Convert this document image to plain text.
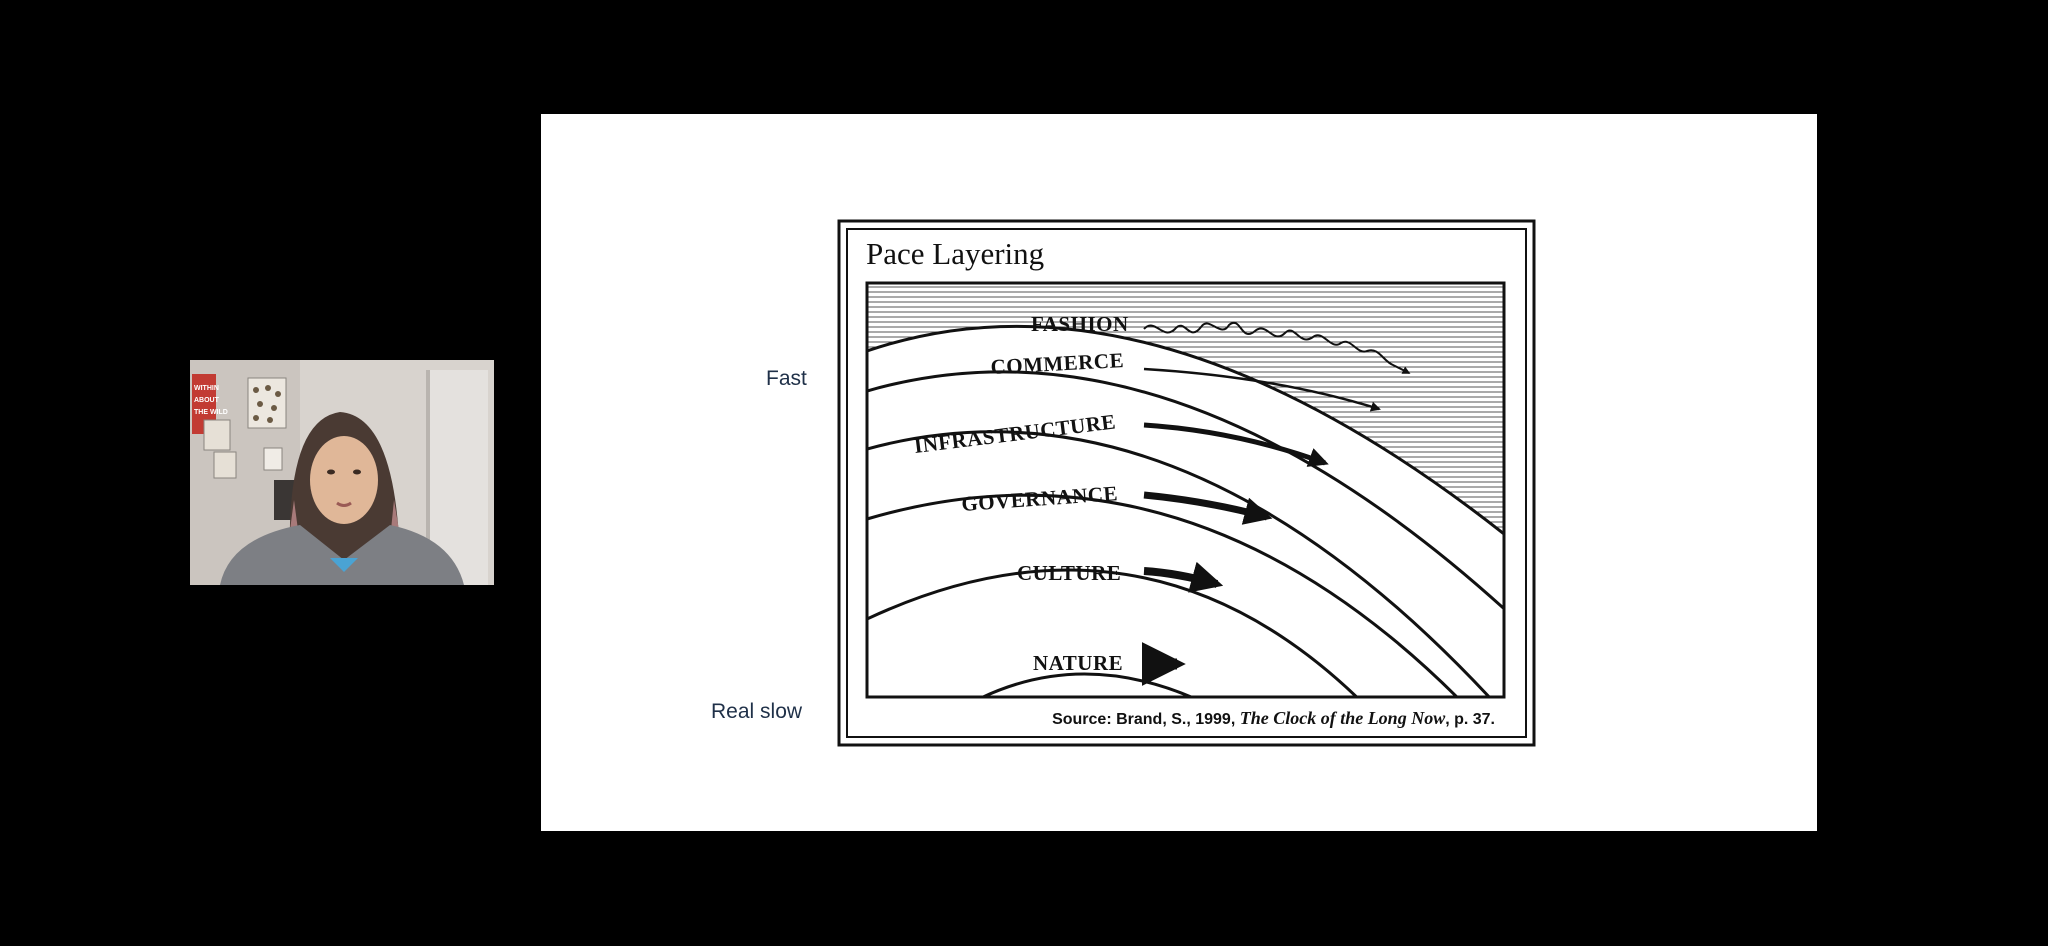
WITHIN
ABOUT
THE WILD
Fast
Real slow
Pace Layering
FASHION
COMMERCE
INFRASTRUCTURE
GOVERNANCE
CULTURE
NATURE
Source: Brand, S., 1999, The Clock of the Long Now, p. 37.
